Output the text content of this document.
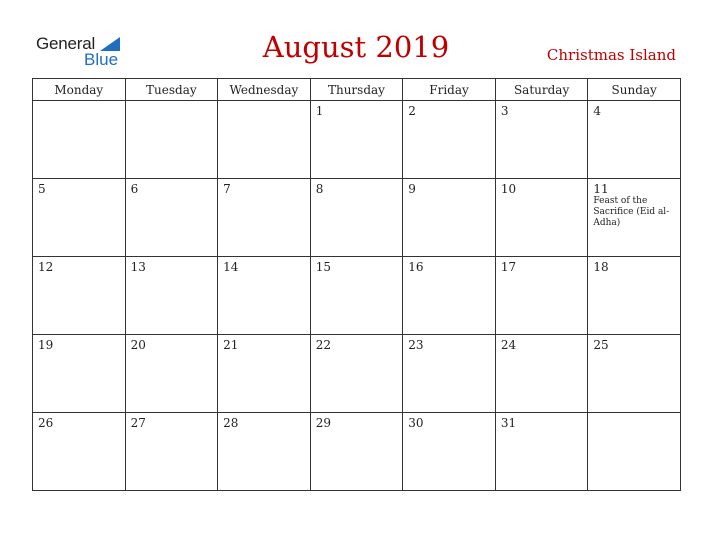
General
Blue	August 2019	Christmas Island
Monday	Tuesday	Wednesday	Thursday	Friday	Saturday	Sunday

			1	2	3	4

5	6	7	8	9	10	11
Feast of the Sacrifice (Eid al-Adha)

12	13	14	15	16	17	18

19	20	21	22	23	24	25

26	27	28	29	30	31	
